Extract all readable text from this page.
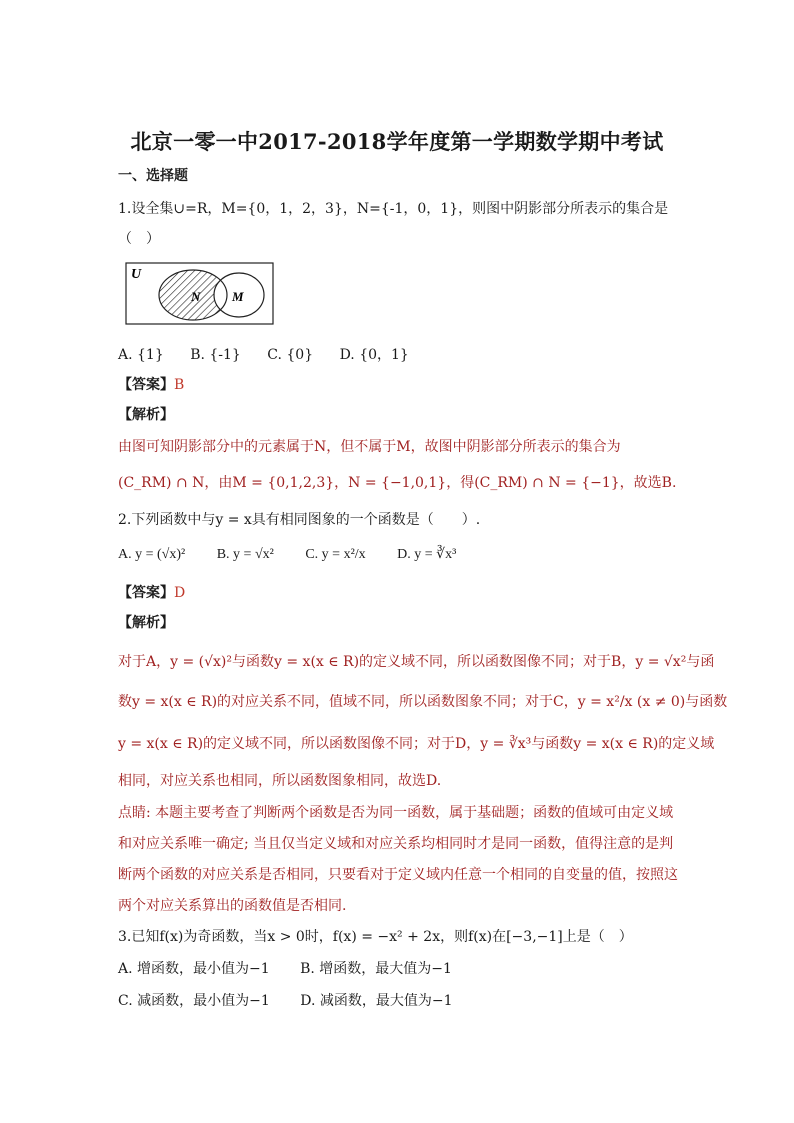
北京一零一中2017-2018学年度第一学期数学期中考试
一、选择题
1.设全集∪=R，M={0，1，2，3}，N={-1，0，1}，则图中阴影部分所表示的集合是
（　）
U
N M
A. {1} B. {-1} C. {0} D. {0，1}
【答案】B
【解析】
由图可知阴影部分中的元素属于N，但不属于M，故图中阴影部分所表示的集合为
(C_RM) ∩ N，由M = {0,1,2,3}，N = {−1,0,1}，得(C_RM) ∩ N = {−1}，故选B.
2.下列函数中与y = x具有相同图象的一个函数是（　　）.
A. y = (√x)² B. y = √x² C. y = x²/x D. y = ∛x³
【答案】D
【解析】
对于A，y = (√x)²与函数y = x(x ∈ R)的定义域不同，所以函数图像不同；对于B，y = √x²与函
数y = x(x ∈ R)的对应关系不同，值域不同，所以函数图象不同；对于C，y = x²/x (x ≠ 0)与函数
y = x(x ∈ R)的定义域不同，所以函数图像不同；对于D，y = ∛x³与函数y = x(x ∈ R)的定义域
相同，对应关系也相同，所以函数图象相同，故选D.
点睛: 本题主要考查了判断两个函数是否为同一函数，属于基础题；函数的值域可由定义域
和对应关系唯一确定; 当且仅当定义域和对应关系均相同时才是同一函数，值得注意的是判
断两个函数的对应关系是否相同，只要看对于定义域内任意一个相同的自变量的值，按照这
两个对应关系算出的函数值是否相同.
3.已知f(x)为奇函数，当x > 0时，f(x) = −x² + 2x，则f(x)在[−3,−1]上是（　）
A. 增函数，最小值为−1 B. 增函数，最大值为−1
C. 减函数，最小值为−1 D. 减函数，最大值为−1
